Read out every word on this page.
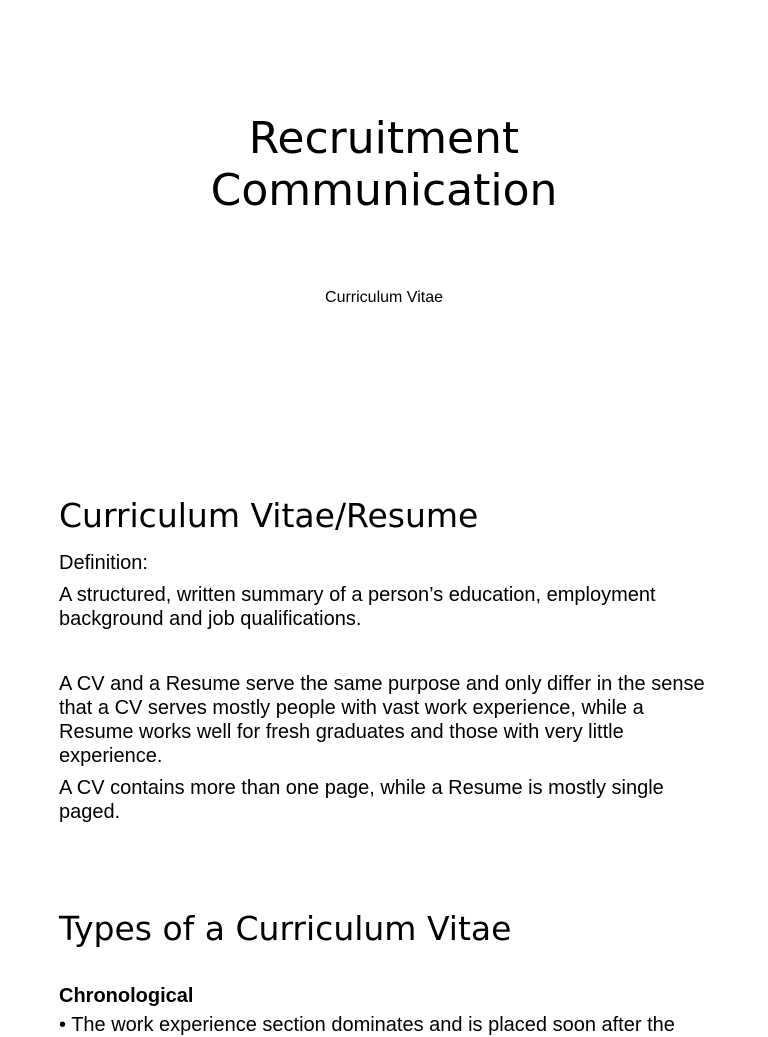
Recruitment
Communication
Curriculum Vitae
Curriculum Vitae/Resume

Definition:

A structured, written summary of a person’s education, employment background and job qualifications.

A CV and a Resume serve the same purpose and only differ in the sense that a CV serves mostly people with vast work experience, while a Resume works well for fresh graduates and those with very little experience.

A CV contains more than one page, while a Resume is mostly single paged.

Types of a Curriculum Vitae

Chronological

• The work experience section dominates and is placed soon after the
